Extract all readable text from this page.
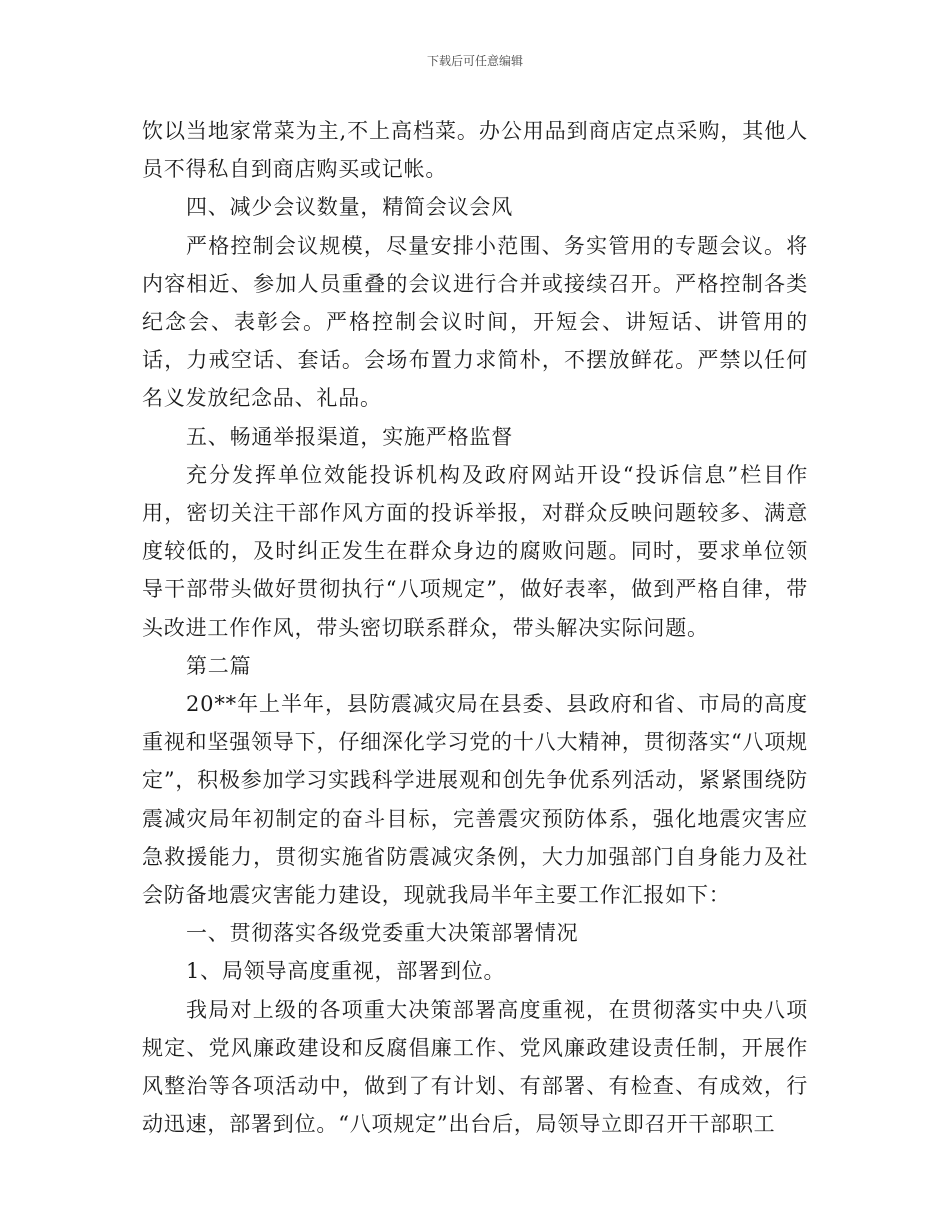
下载后可任意编辑

饮以当地家常菜为主,不上高档菜。办公用品到商店定点采购，其他人员不得私自到商店购买或记帐。

四、减少会议数量，精简会议会风

严格控制会议规模，尽量安排小范围、务实管用的专题会议。将内容相近、参加人员重叠的会议进行合并或接续召开。严格控制各类纪念会、表彰会。严格控制会议时间，开短会、讲短话、讲管用的话，力戒空话、套话。会场布置力求简朴，不摆放鲜花。严禁以任何名义发放纪念品、礼品。

五、畅通举报渠道，实施严格监督

充分发挥单位效能投诉机构及政府网站开设“投诉信息”栏目作用，密切关注干部作风方面的投诉举报，对群众反映问题较多、满意度较低的，及时纠正发生在群众身边的腐败问题。同时，要求单位领导干部带头做好贯彻执行“八项规定”，做好表率，做到严格自律，带头改进工作作风，带头密切联系群众，带头解决实际问题。

第二篇

20**年上半年，县防震减灾局在县委、县政府和省、市局的高度重视和坚强领导下，仔细深化学习党的十八大精神，贯彻落实“八项规定”，积极参加学习实践科学进展观和创先争优系列活动，紧紧围绕防震减灾局年初制定的奋斗目标，完善震灾预防体系，强化地震灾害应急救援能力，贯彻实施省防震减灾条例，大力加强部门自身能力及社会防备地震灾害能力建设，现就我局半年主要工作汇报如下：

一、贯彻落实各级党委重大决策部署情况

1、局领导高度重视，部署到位。

我局对上级的各项重大决策部署高度重视，在贯彻落实中央八项规定、党风廉政建设和反腐倡廉工作、党风廉政建设责任制，开展作风整治等各项活动中，做到了有计划、有部署、有检查、有成效，行动迅速，部署到位。“八项规定”出台后，局领导立即召开干部职工
